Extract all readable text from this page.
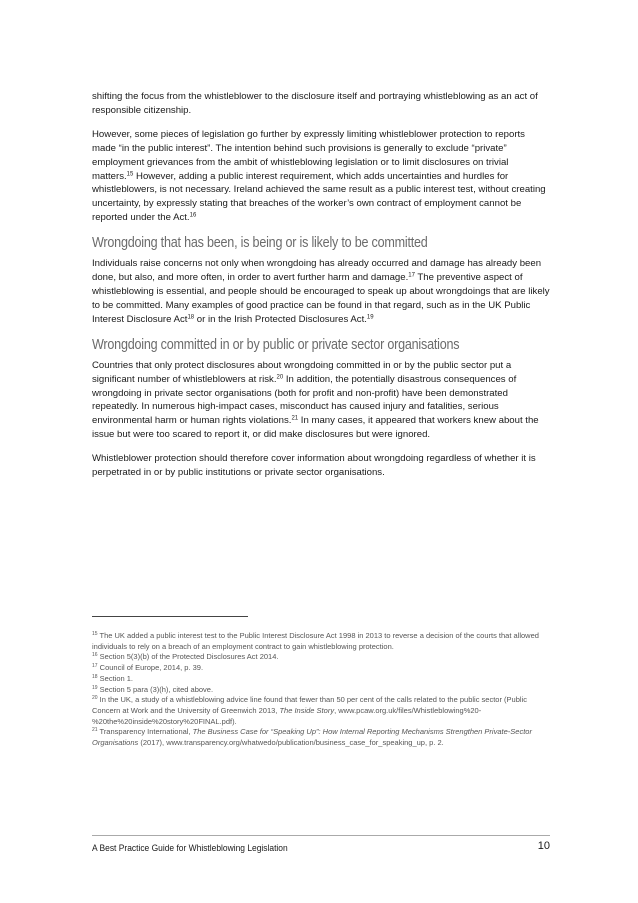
shifting the focus from the whistleblower to the disclosure itself and portraying whistleblowing as an act of responsible citizenship.

However, some pieces of legislation go further by expressly limiting whistleblower protection to reports made “in the public interest”. The intention behind such provisions is generally to exclude “private” employment grievances from the ambit of whistleblowing legislation or to limit disclosures on trivial matters.$^{15}$ However, adding a public interest requirement, which adds uncertainties and hurdles for whistleblowers, is not necessary. Ireland achieved the same result as a public interest test, without creating uncertainty, by expressly stating that breaches of the worker’s own contract of employment cannot be reported under the Act.$^{16}$

Wrongdoing that has been, is being or is likely to be committed

Individuals raise concerns not only when wrongdoing has already occurred and damage has already been done, but also, and more often, in order to avert further harm and damage.$^{17}$ The preventive aspect of whistleblowing is essential, and people should be encouraged to speak up about wrongdoings that are likely to be committed. Many examples of good practice can be found in that regard, such as in the UK Public Interest Disclosure Act$^{18}$ or in the Irish Protected Disclosures Act.$^{19}$

Wrongdoing committed in or by public or private sector organisations

Countries that only protect disclosures about wrongdoing committed in or by the public sector put a significant number of whistleblowers at risk.$^{20}$ In addition, the potentially disastrous consequences of wrongdoing in private sector organisations (both for profit and non-profit) have been demonstrated repeatedly. In numerous high-impact cases, misconduct has caused injury and fatalities, serious environmental harm or human rights violations.$^{21}$ In many cases, it appeared that workers knew about the issue but were too scared to report it, or did make disclosures but were ignored.

Whistleblower protection should therefore cover information about wrongdoing regardless of whether it is perpetrated in or by public institutions or private sector organisations.

$^{15}$ The UK added a public interest test to the Public Interest Disclosure Act 1998 in 2013 to reverse a decision of the courts that allowed individuals to rely on a breach of an employment contract to gain whistleblowing protection.

$^{16}$ Section 5(3)(b) of the Protected Disclosures Act 2014.

$^{17}$ Council of Europe, 2014, p. 39.

$^{18}$ Section 1.

$^{19}$ Section 5 para (3)(h), cited above.

$^{20}$ In the UK, a study of a whistleblowing advice line found that fewer than 50 per cent of the calls related to the public sector (Public Concern at Work and the University of Greenwich 2013, The Inside Story, www.pcaw.org.uk/files/Whistleblowing%20-%20the%20inside%20story%20FINAL.pdf).

$^{21}$ Transparency International, The Business Case for “Speaking Up”: How Internal Reporting Mechanisms Strengthen Private-Sector Organisations (2017), www.transparency.org/whatwedo/publication/business_case_for_speaking_up, p. 2.

A Best Practice Guide for Whistleblowing Legislation	10
